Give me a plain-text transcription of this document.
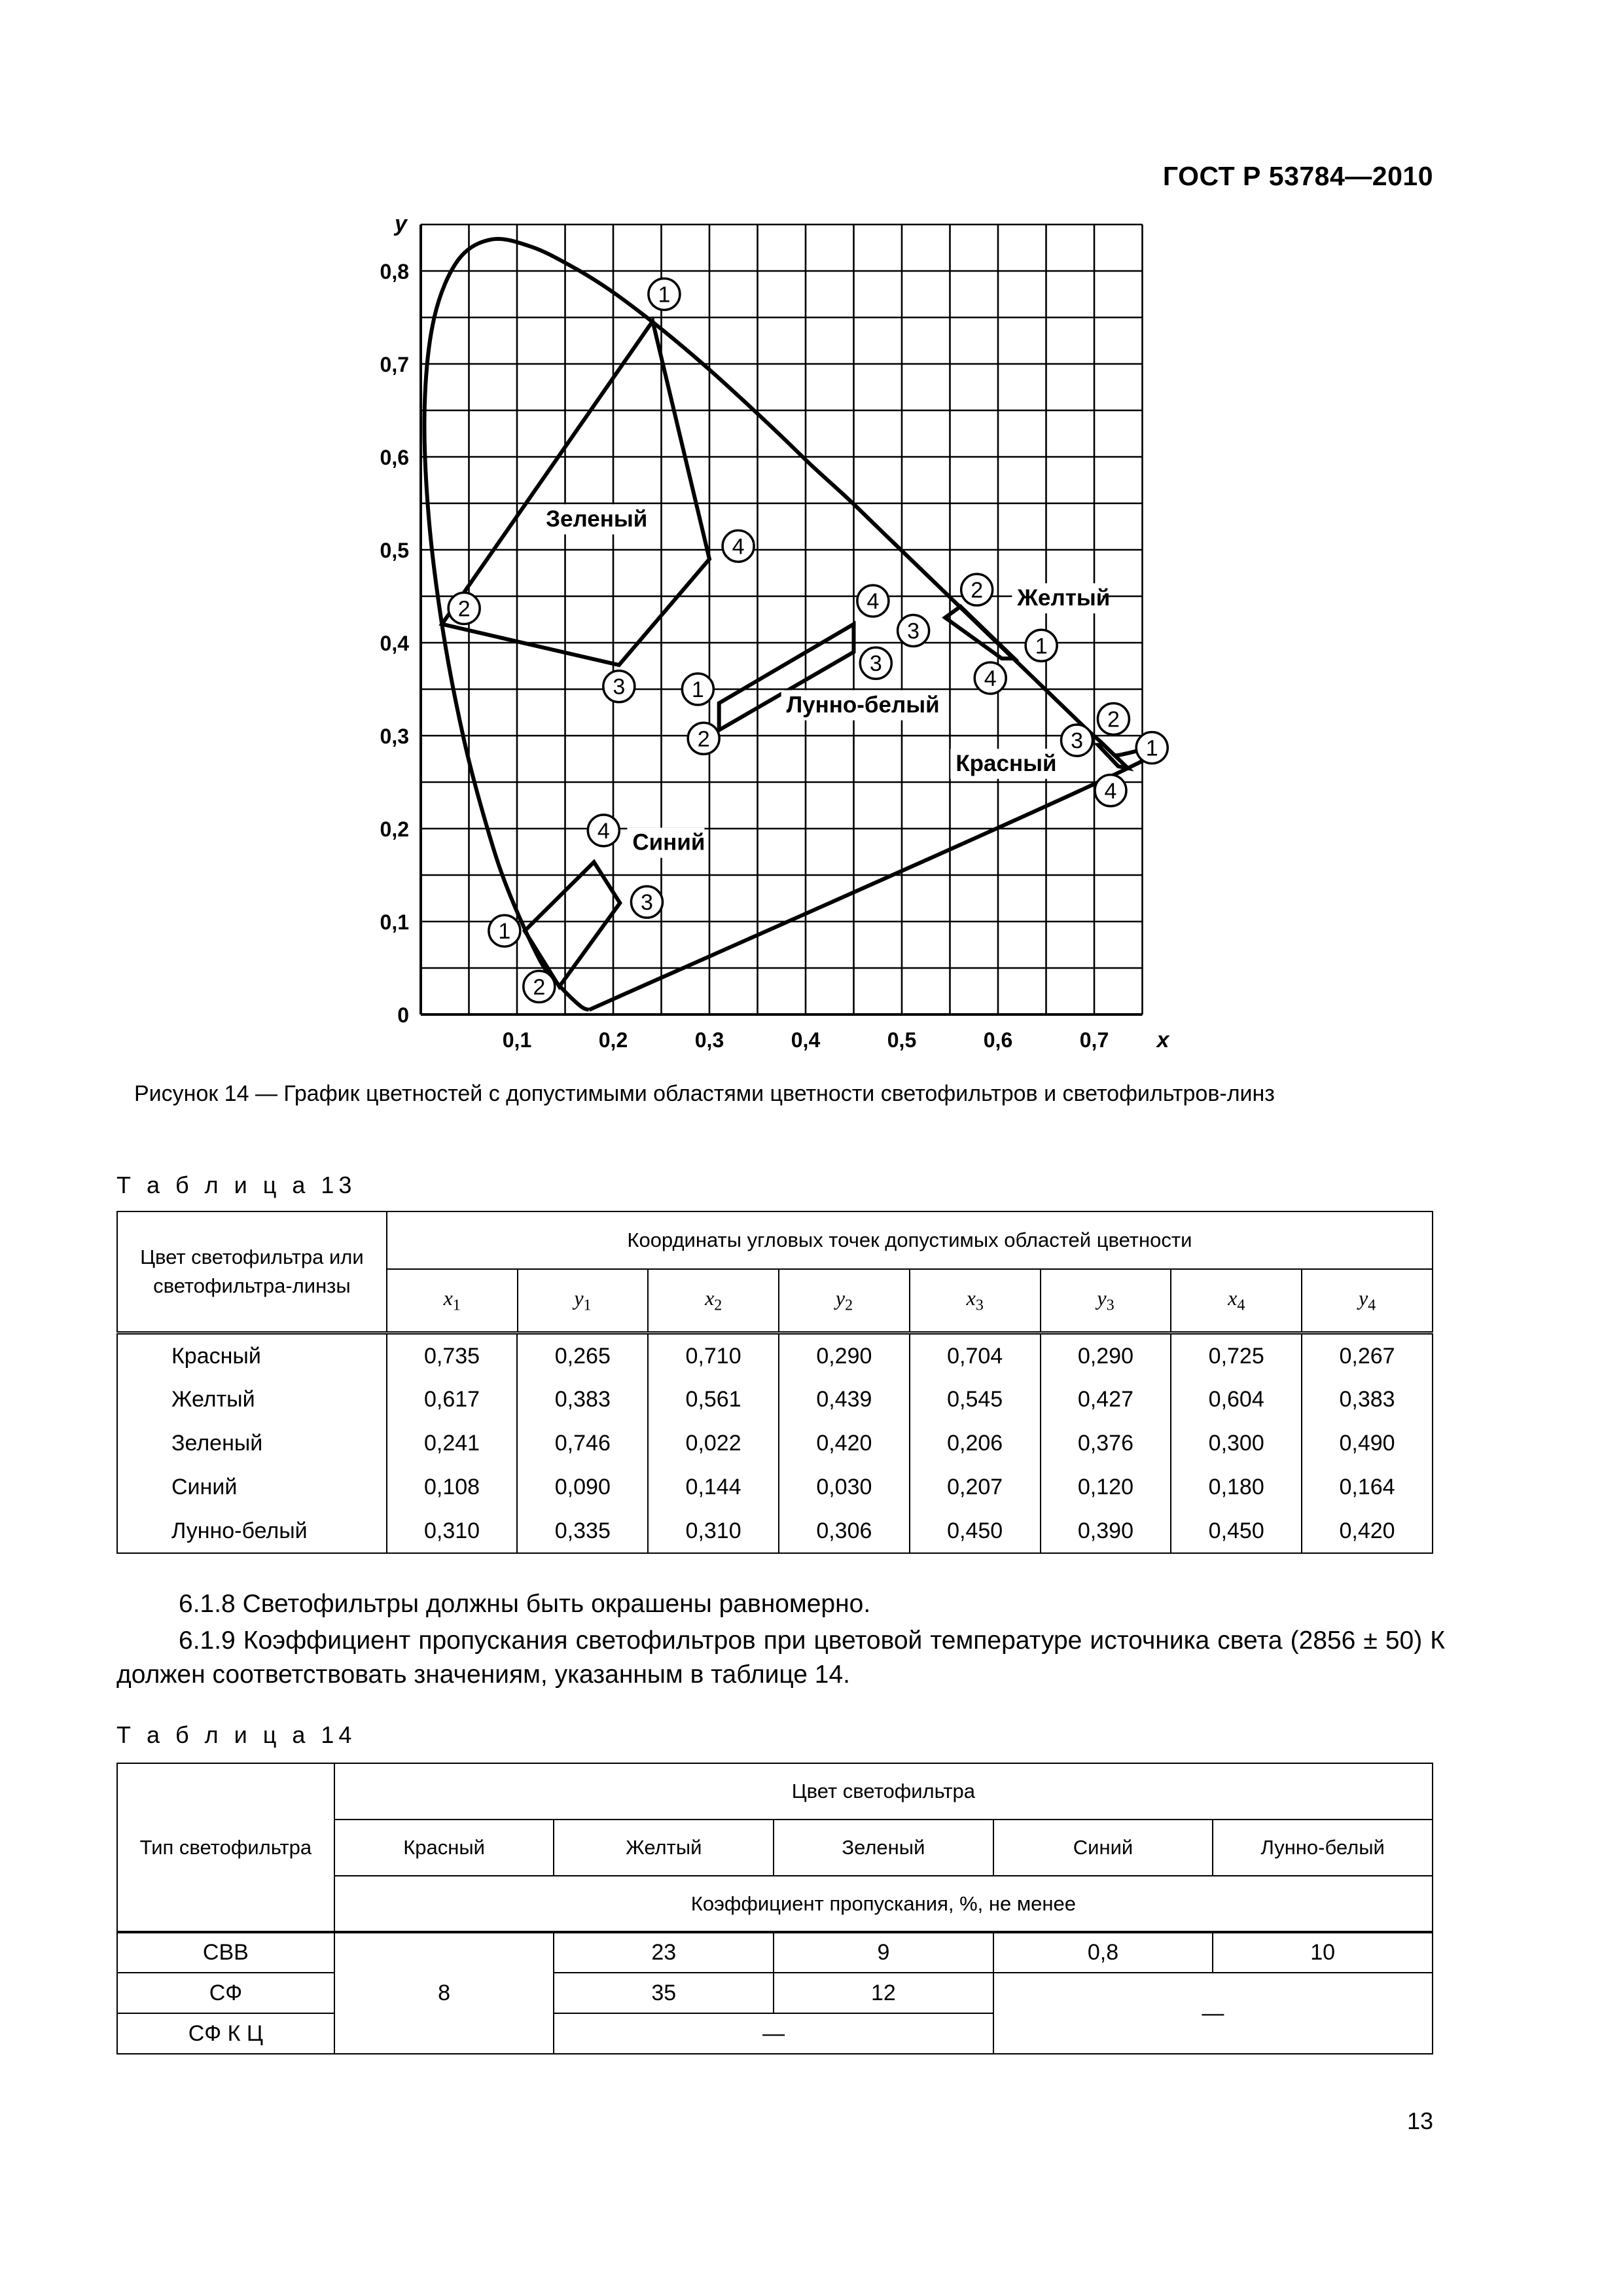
ГОСТ Р 53784—2010
0,1	0,2	0,3	0,4	0,5	0,6	0,7
0
0,1
0,2
0,3
0,4
0,5
0,6
0,7
0,8
x
y
Зеленый
Желтый
Лунно-белый
Красный
Синий
1
2
3
4
1
2
3
4	2
3
1
4
2
3	1
4
1
2
3
4
Рисунок 14 — График цветностей с допустимыми областями цветности светофильтров и светофильтров-линз
Т а б л и ц а 13
Цвет светофильтра или светофильтра-линзы	Координаты угловых точек допустимых областей цветности							
	$x_1$	$y_1$	$x_2$	$y_2$	$x_3$	$y_3$	$x_4$	$y_4$
Красный	0,735	0,265	0,710	0,290	0,704	0,290	0,725	0,267
Желтый	0,617	0,383	0,561	0,439	0,545	0,427	0,604	0,383
Зеленый	0,241	0,746	0,022	0,420	0,206	0,376	0,300	0,490
Синий	0,108	0,090	0,144	0,030	0,207	0,120	0,180	0,164
Лунно-белый	0,310	0,335	0,310	0,306	0,450	0,390	0,450	0,420
6.1.8 Светофильтры должны быть окрашены равномерно.
6.1.9 Коэффициент пропускания светофильтров при цветовой температуре источника света (2856 ± 50) К должен соответствовать значениям, указанным в таблице 14.
Т а б л и ц а 14
Тип светофильтра	Цвет светофильтра				
	Красный	Желтый	Зеленый	Синий	Лунно-белый
	Коэффициент пропускания, %, не менее				
СВВ	8	23	9	0,8	10
СФ		35	12	—	
СФ К Ц		—			
13
